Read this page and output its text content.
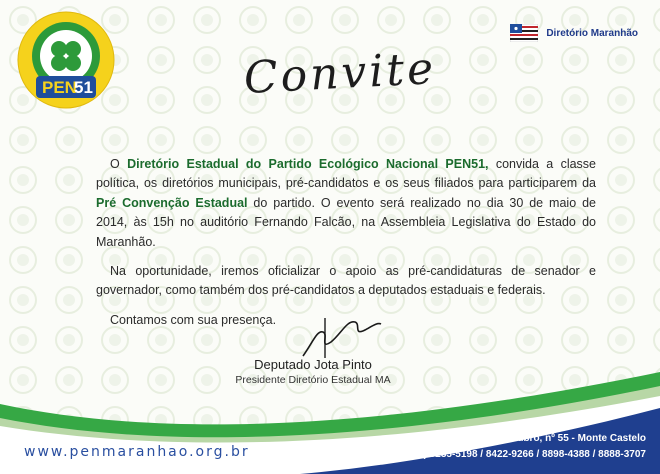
PEN
51
Diretório Maranhão
Convite

O Diretório Estadual do Partido Ecológico Nacional PEN51, convida a classe política, os diretórios municipais, pré-candidatos e os seus filiados para participarem da Pré Convenção Estadual do partido. O evento será realizado no dia 30 de maio de 2014, às 15h no auditório Fernando Falcão, na Assembleia Legislativa do Estado do Maranhão.

Na oportunidade, iremos oficializar o apoio as pré-candidaturas de senador e governador, como também dos pré-candidatos a deputados estaduais e federais.

Contamos com sua presença.

Deputado Jota Pinto
Presidente Diretório Estadual MA
www.penmaranhao.org.br
Rua 24 de Outubro, nº 55 - Monte Castelo
Fone: (98) 8235-5198 / 8422-9266 / 8898-4388 / 8888-3707
